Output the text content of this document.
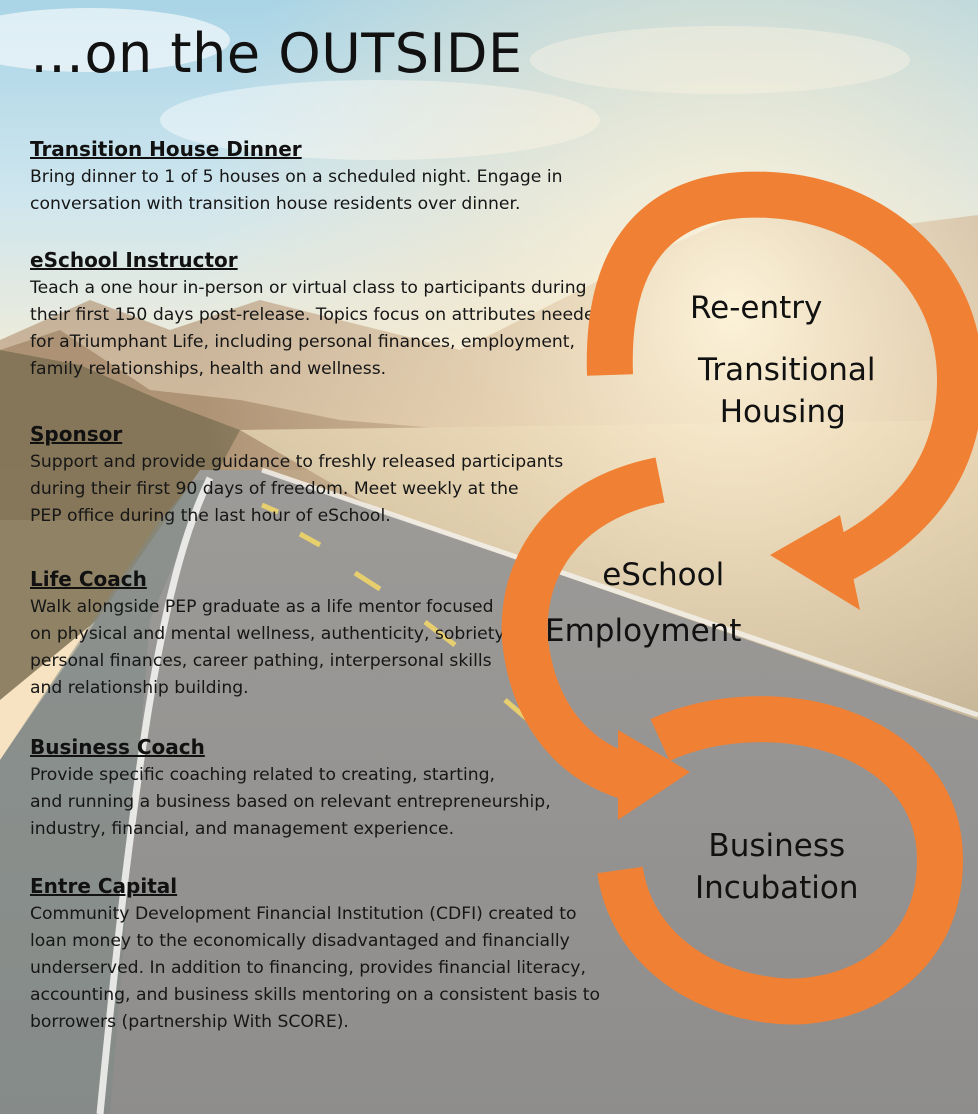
…on the OUTSIDE
Transition House Dinner

Bring dinner to 1 of 5 houses on a scheduled night. Engage in
conversation with transition house residents over dinner.

eSchool Instructor

Teach a one hour in-person or virtual class to participants during
their first 150 days post-release. Topics focus on attributes needed
for aTriumphant Life, including personal finances, employment,
family relationships, health and wellness.

Sponsor

Support and provide guidance to freshly released participants
during their first 90 days of freedom. Meet weekly at the
PEP office during the last hour of eSchool.

Life Coach

Walk alongside PEP graduate as a life mentor focused
on physical and mental wellness, authenticity, sobriety,
personal finances, career pathing, interpersonal skills
and relationship building.

Business Coach

Provide specific coaching related to creating, starting,
and running a business based on relevant entrepreneurship,
industry, financial, and management experience.

Entre Capital

Community Development Financial Institution (CDFI) created to
loan money to the economically disadvantaged and financially
underserved. In addition to financing, provides financial literacy,
accounting, and business skills mentoring on a consistent basis to
borrowers (partnership With SCORE).

Re-entry
Transitional
Housing
eSchool
Employment
Business
Incubation
